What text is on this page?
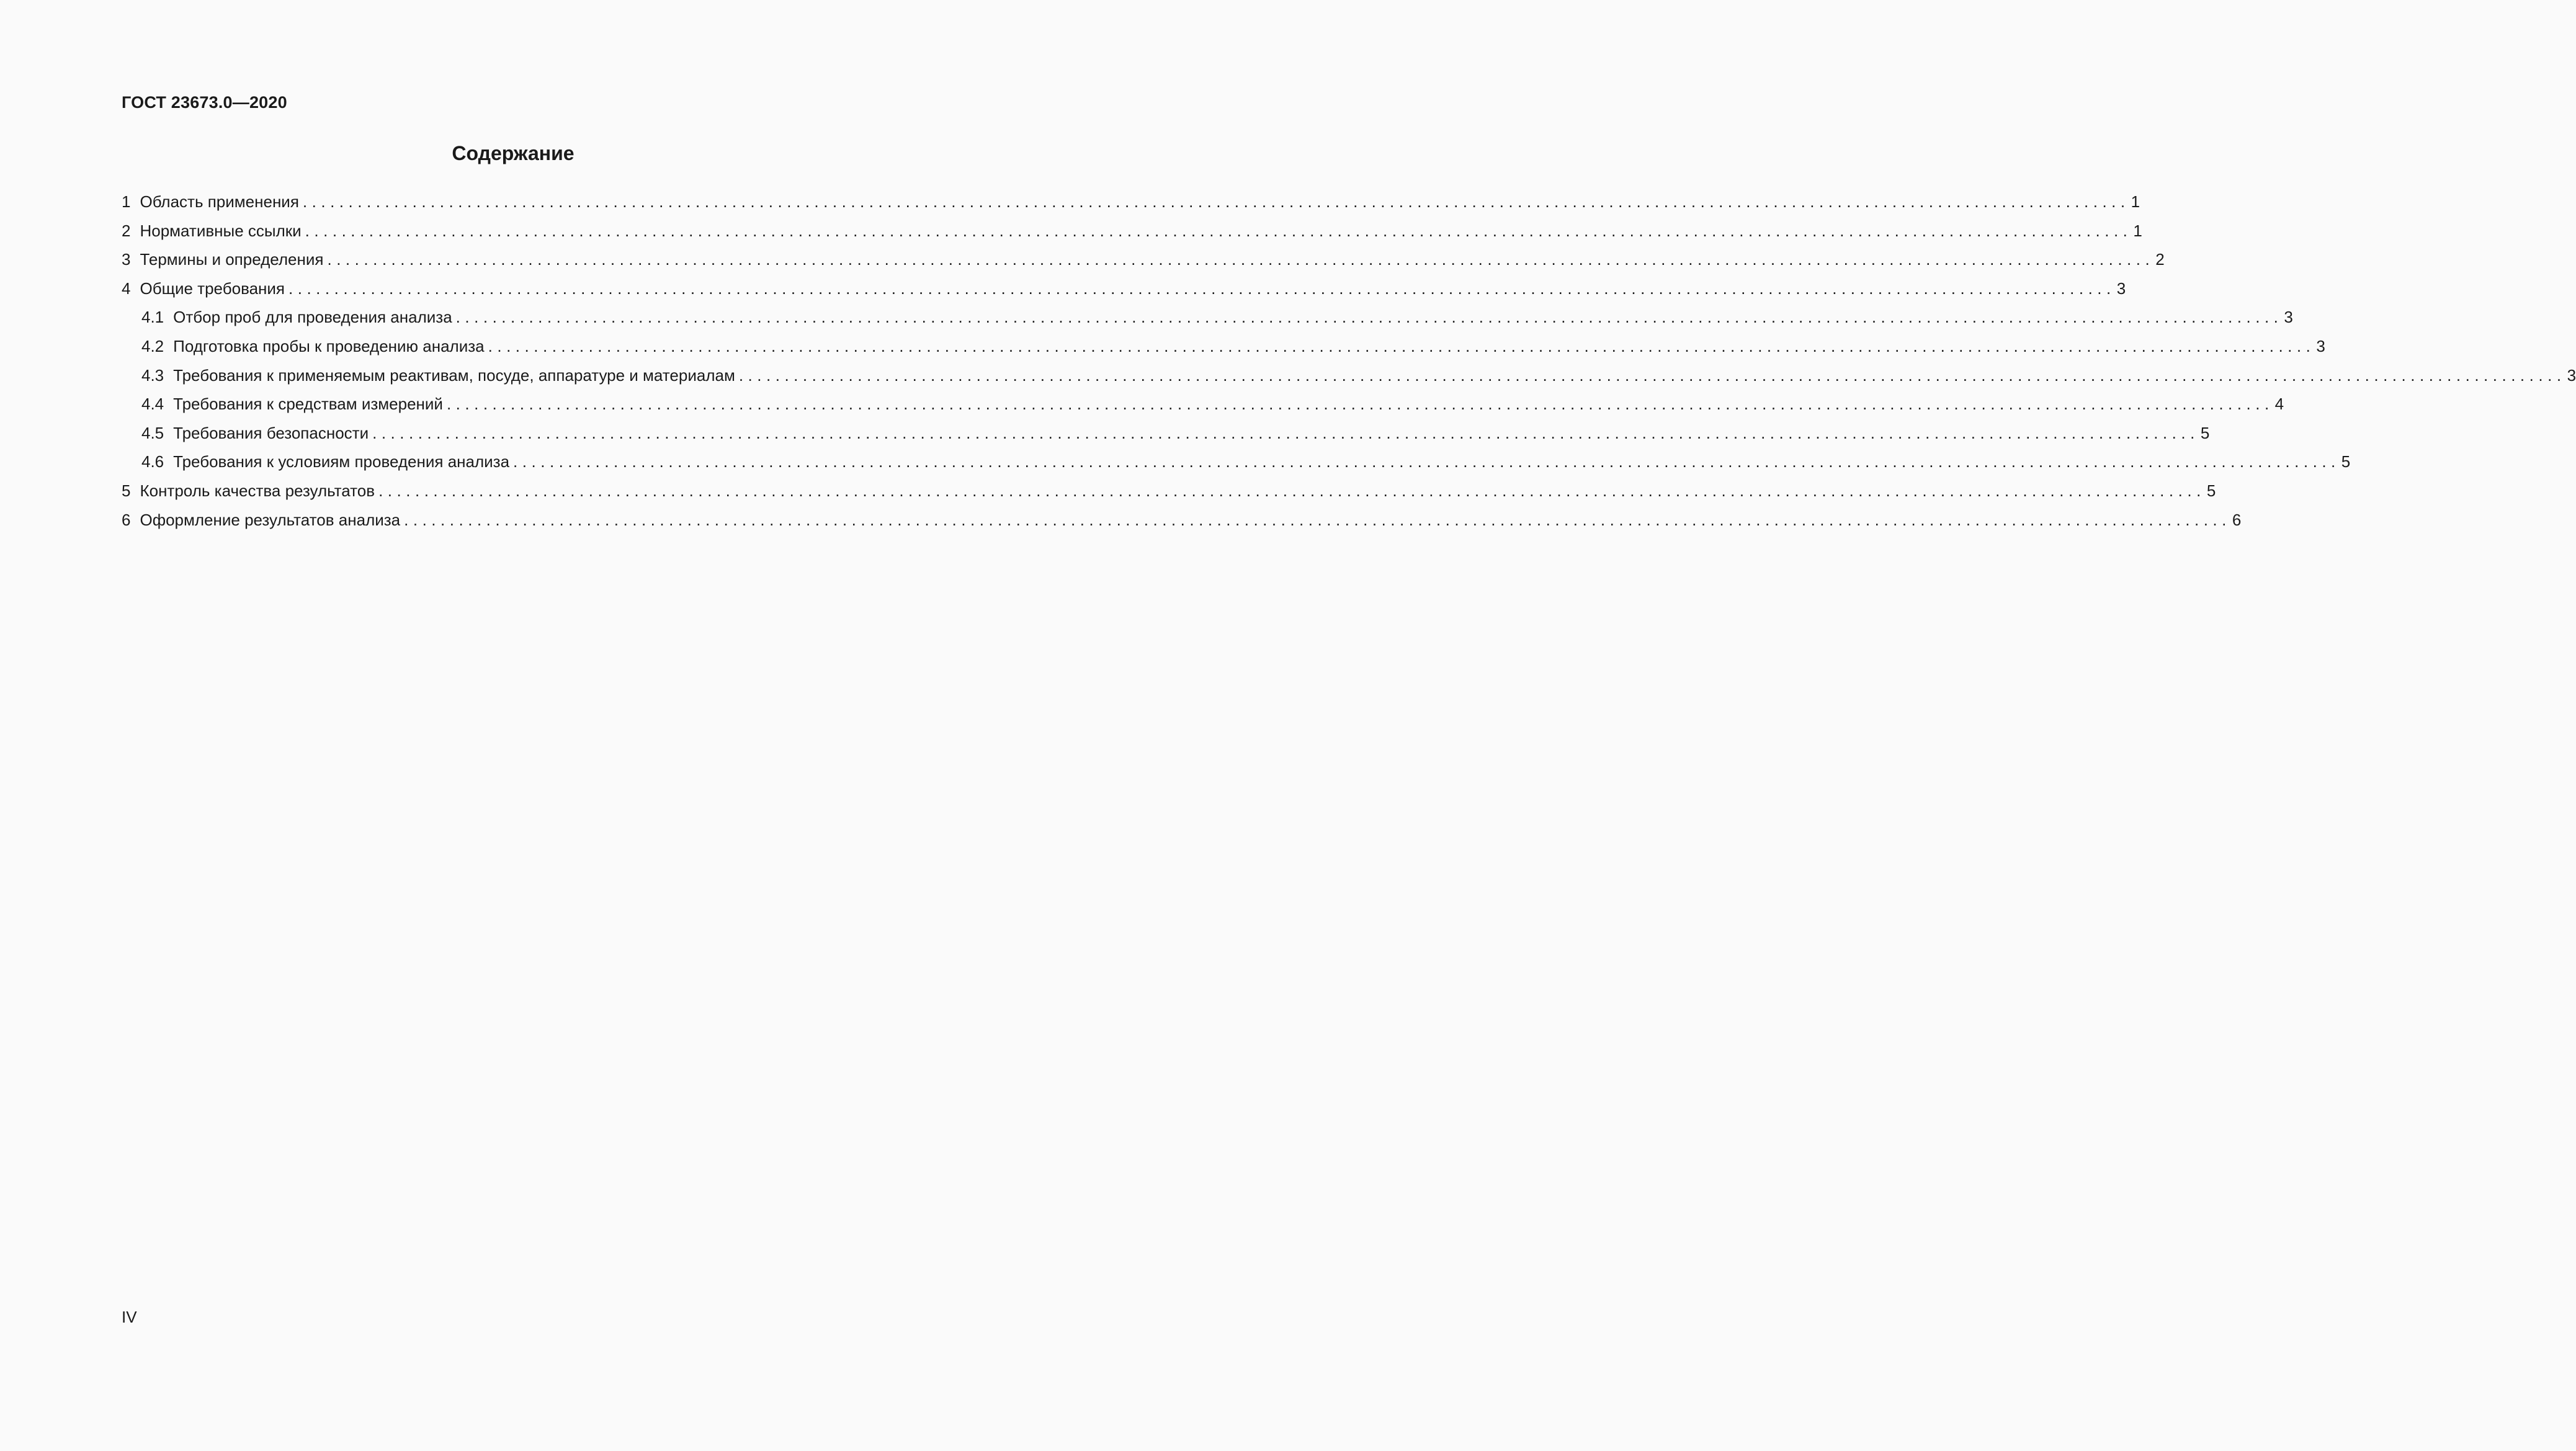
ГОСТ 23673.0—2020
Содержание
1 Область применения ........................................................................................................................................................................................................ 1
2 Нормативные ссылки ........................................................................................................................................................................................................ 1
3 Термины и определения ........................................................................................................................................................................................................ 2
4 Общие требования ........................................................................................................................................................................................................ 3
4.1 Отбор проб для проведения анализа ........................................................................................................................................................................................................ 3
4.2 Подготовка пробы к проведению анализа ........................................................................................................................................................................................................ 3
4.3 Требования к применяемым реактивам, посуде, аппаратуре и материалам ........................................................................................................................................................................................................ 3
4.4 Требования к средствам измерений ........................................................................................................................................................................................................ 4
4.5 Требования безопасности ........................................................................................................................................................................................................ 5
4.6 Требования к условиям проведения анализа ........................................................................................................................................................................................................ 5
5 Контроль качества результатов ........................................................................................................................................................................................................ 5
6 Оформление результатов анализа ........................................................................................................................................................................................................ 6
IV
